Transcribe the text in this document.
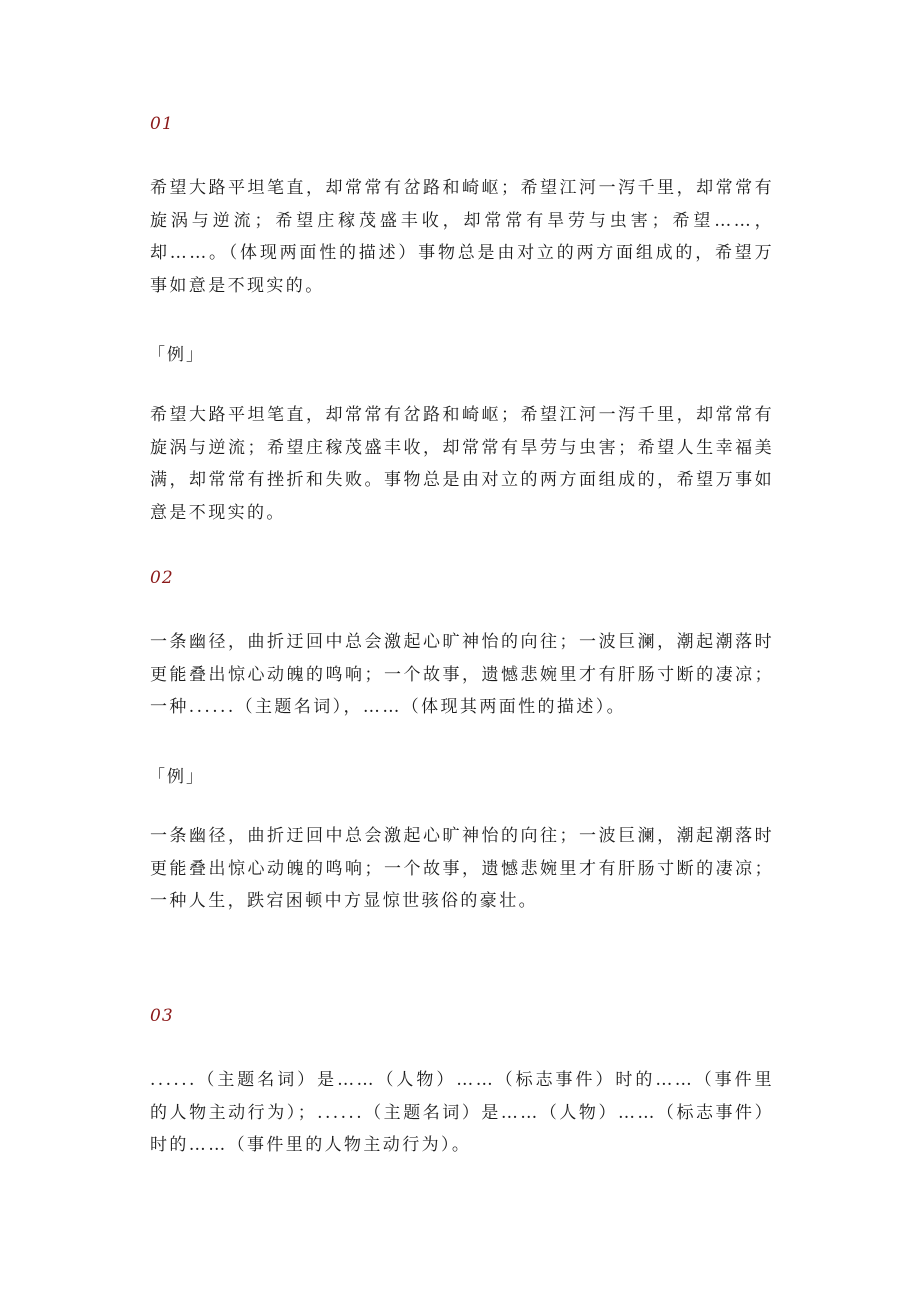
01

希望大路平坦笔直，却常常有岔路和崎岖；希望江河一泻千里，却常常有旋涡与逆流；希望庄稼茂盛丰收，却常常有旱劳与虫害；希望……，却……。（体现两面性的描述）事物总是由对立的两方面组成的，希望万事如意是不现实的。

「例」

希望大路平坦笔直，却常常有岔路和崎岖；希望江河一泻千里，却常常有旋涡与逆流；希望庄稼茂盛丰收，却常常有旱劳与虫害；希望人生幸福美满，却常常有挫折和失败。事物总是由对立的两方面组成的，希望万事如意是不现实的。

02

一条幽径，曲折迂回中总会激起心旷神怡的向往；一波巨澜，潮起潮落时更能叠出惊心动魄的鸣响；一个故事，遗憾悲婉里才有肝肠寸断的凄凉；一种......（主题名词），……（体现其两面性的描述）。

「例」

一条幽径，曲折迂回中总会激起心旷神怡的向往；一波巨澜，潮起潮落时更能叠出惊心动魄的鸣响；一个故事，遗憾悲婉里才有肝肠寸断的凄凉；一种人生，跌宕困顿中方显惊世骇俗的豪壮。

03

......（主题名词）是……（人物）……（标志事件）时的……（事件里的人物主动行为）；......（主题名词）是……（人物）……（标志事件）时的……（事件里的人物主动行为）。
